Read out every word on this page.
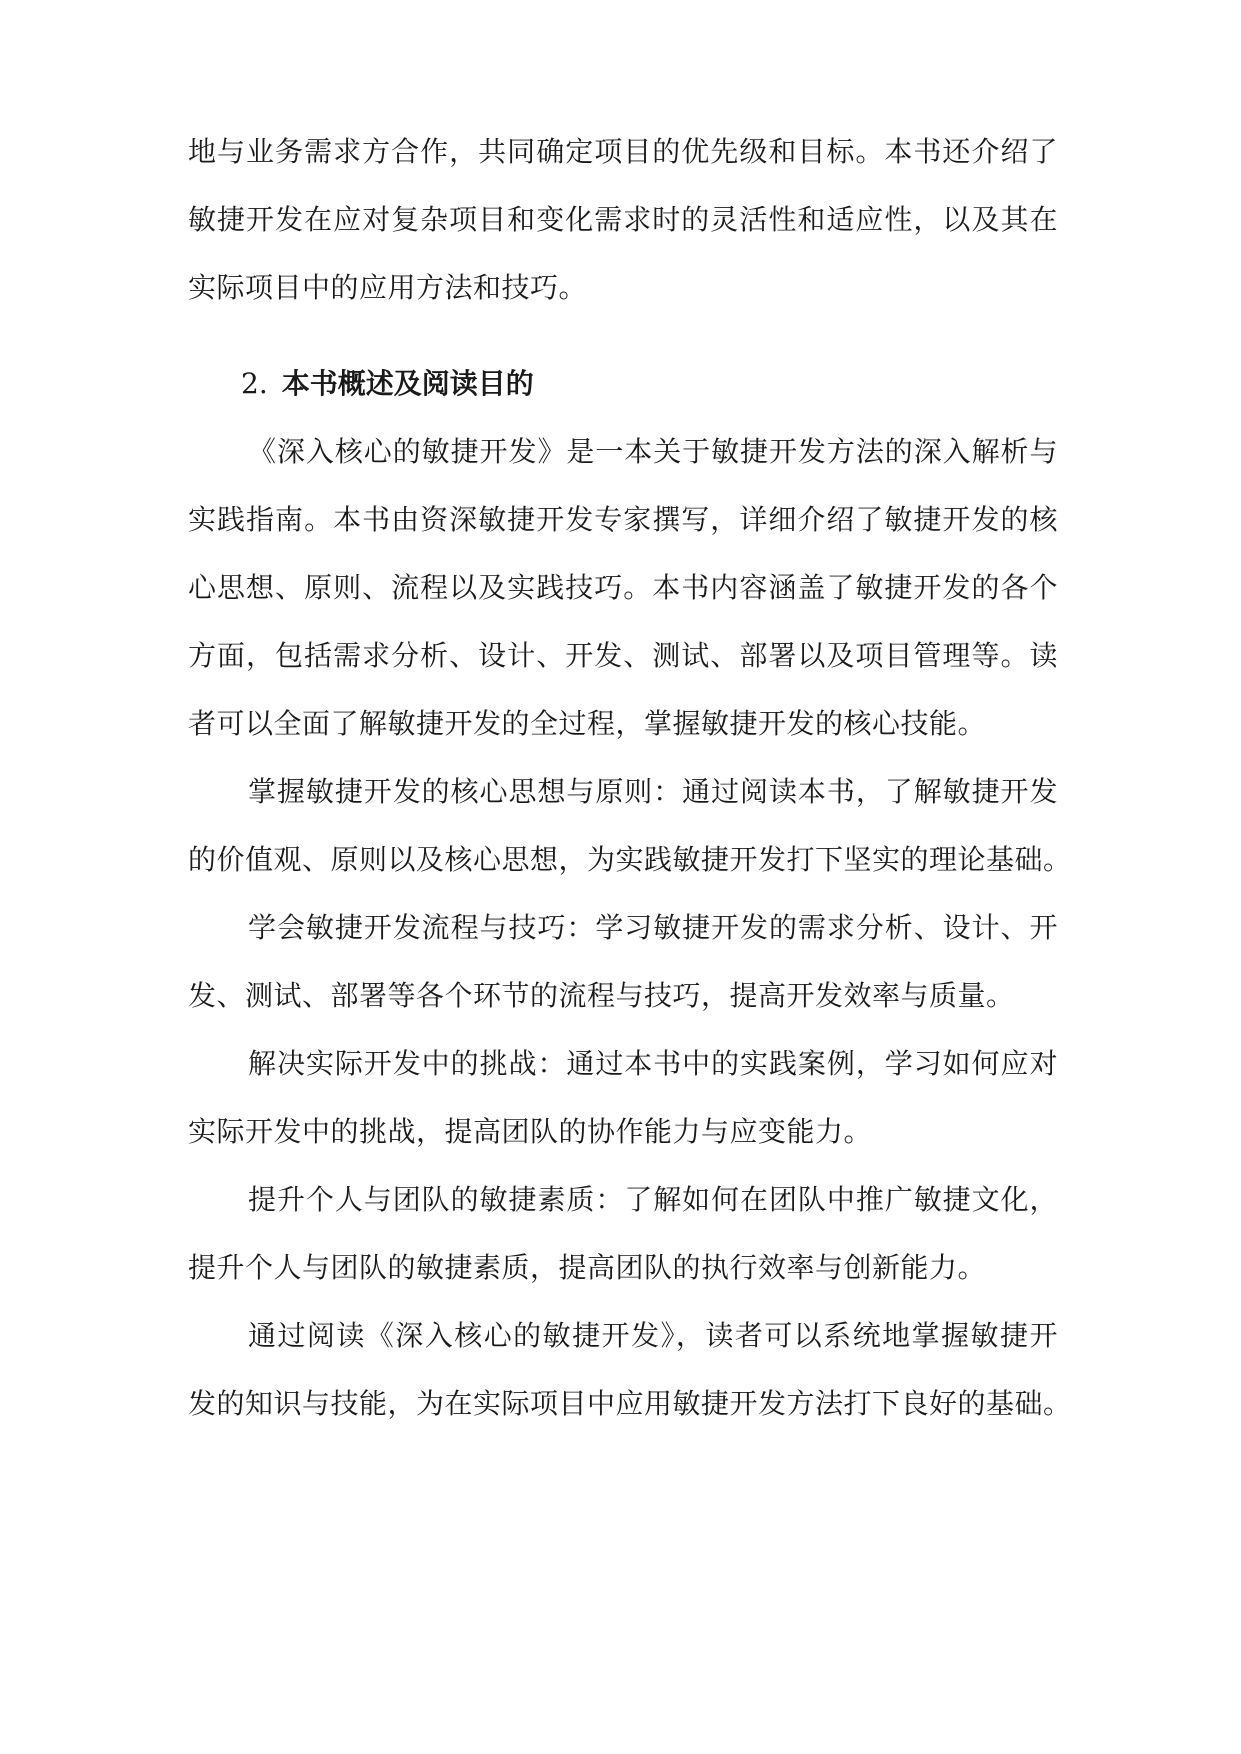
地与业务需求方合作，共同确定项目的优先级和目标。本书还介绍了
敏捷开发在应对复杂项目和变化需求时的灵活性和适应性，以及其在
实际项目中的应用方法和技巧。
2. 本书概述及阅读目的
《深入核心的敏捷开发》是一本关于敏捷开发方法的深入解析与
实践指南。本书由资深敏捷开发专家撰写，详细介绍了敏捷开发的核
心思想、原则、流程以及实践技巧。本书内容涵盖了敏捷开发的各个
方面，包括需求分析、设计、开发、测试、部署以及项目管理等。读
者可以全面了解敏捷开发的全过程，掌握敏捷开发的核心技能。
掌握敏捷开发的核心思想与原则：通过阅读本书，了解敏捷开发
的价值观、原则以及核心思想，为实践敏捷开发打下坚实的理论基础。
学会敏捷开发流程与技巧：学习敏捷开发的需求分析、设计、开
发、测试、部署等各个环节的流程与技巧，提高开发效率与质量。
解决实际开发中的挑战：通过本书中的实践案例，学习如何应对
实际开发中的挑战，提高团队的协作能力与应变能力。
提升个人与团队的敏捷素质：了解如何在团队中推广敏捷文化，
提升个人与团队的敏捷素质，提高团队的执行效率与创新能力。
通过阅读《深入核心的敏捷开发》，读者可以系统地掌握敏捷开
发的知识与技能，为在实际项目中应用敏捷开发方法打下良好的基础。
